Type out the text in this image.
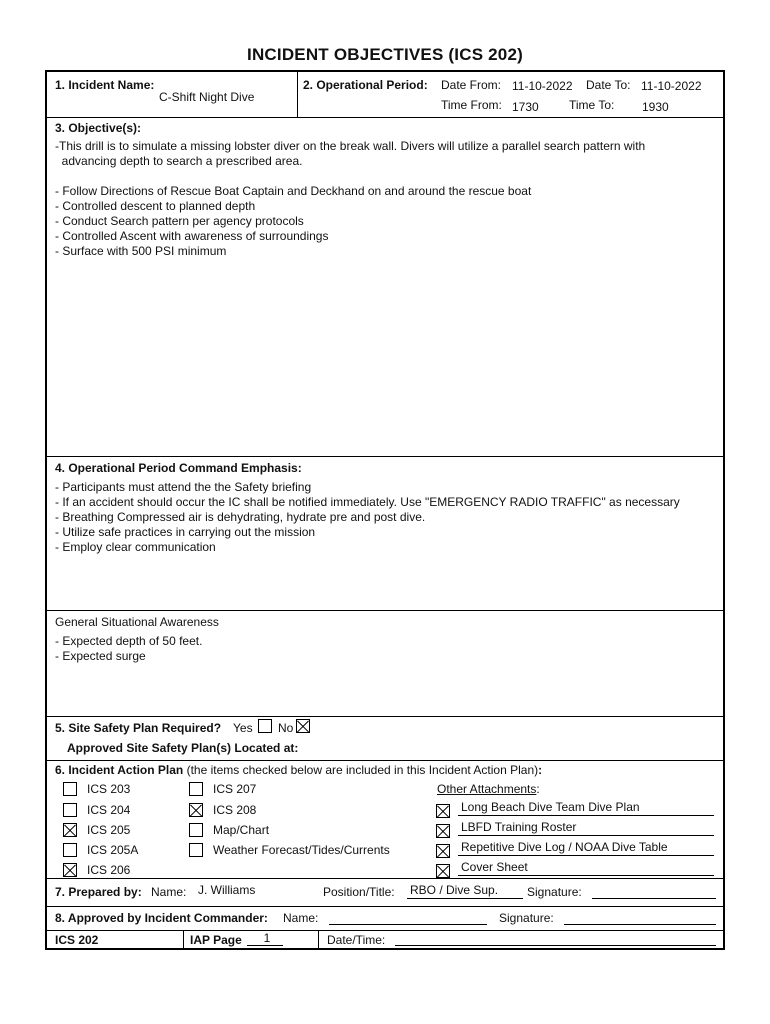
INCIDENT OBJECTIVES (ICS 202)
1. Incident Name:
C-Shift Night Dive
2. Operational Period: Date From: 11-10-2022 Date To: 11-10-2022
Time From: 1730	Time To: 1930
3. Objective(s):
-This drill is to simulate a missing lobster diver on the break wall. Divers will utilize a parallel search pattern with
advancing depth to search a prescribed area.
- Follow Directions of Rescue Boat Captain and Deckhand on and around the rescue boat
- Controlled descent to planned depth
- Conduct Search pattern per agency protocols
- Controlled Ascent with awareness of surroundings
- Surface with 500 PSI minimum
4. Operational Period Command Emphasis:
- Participants must attend the the Safety briefing
- If an accident should occur the IC shall be notified immediately. Use "EMERGENCY RADIO TRAFFIC" as necessary
- Breathing Compressed air is dehydrating, hydrate pre and post dive.
- Utilize safe practices in carrying out the mission
- Employ clear communication
General Situational Awareness
- Expected depth of 50 feet.
- Expected surge
5. Site Safety Plan Required? Yes No
Approved Site Safety Plan(s) Located at:
6. Incident Action Plan (the items checked below are included in this Incident Action Plan):
ICS 203
ICS 204
ICS 205
ICS 205A
ICS 206
ICS 207
ICS 208
Map/Chart
Weather Forecast/Tides/Currents
Other Attachments:
Long Beach Dive Team Dive Plan
LBFD Training Roster
Repetitive Dive Log / NOAA Dive Table
Cover Sheet
7. Prepared by: Name: J. Williams	Position/Title: RBO / Dive Sup. Signature:
8. Approved by Incident Commander: Name:	Signature:
ICS 202	IAP Page	1	Date/Time:
